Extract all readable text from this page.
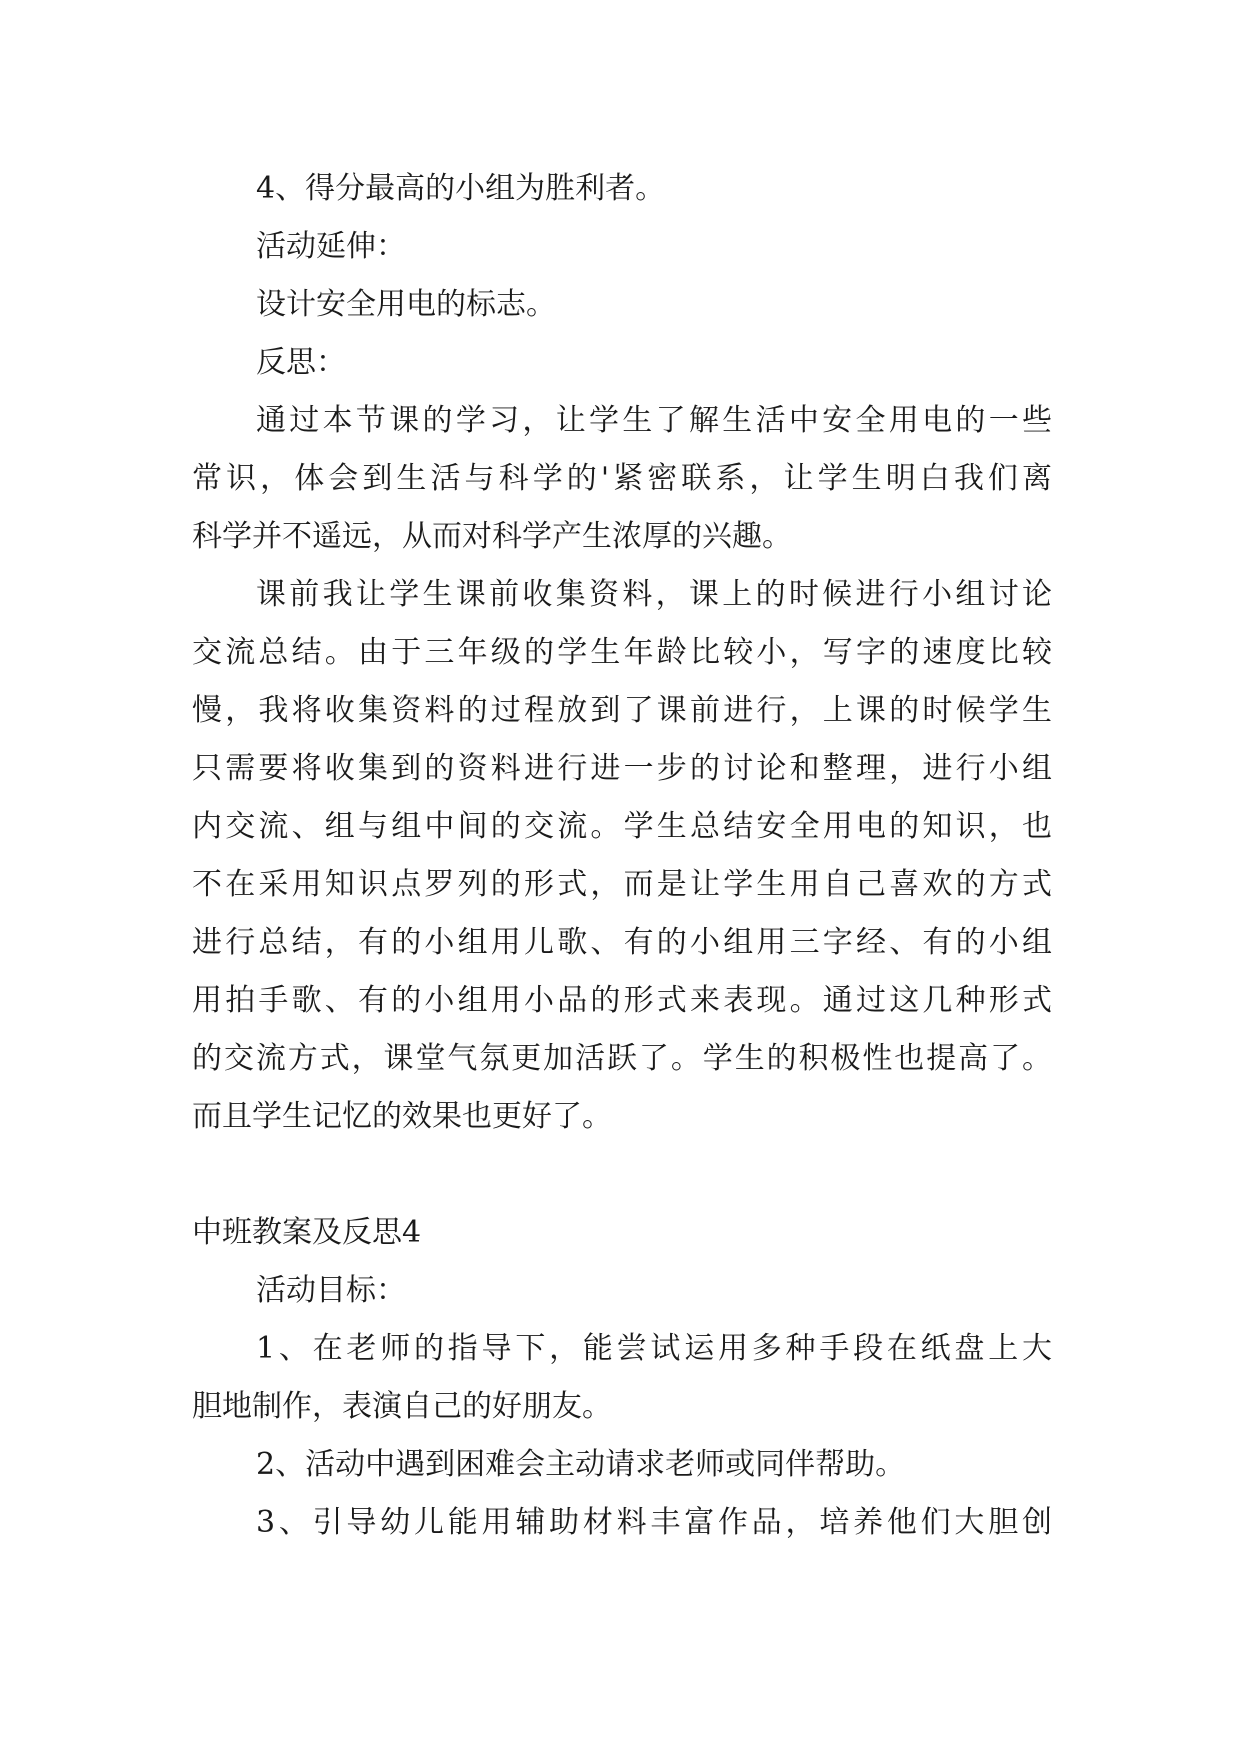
4、得分最高的小组为胜利者。

活动延伸：

设计安全用电的标志。

反思：

通过本节课的学习，让学生了解生活中安全用电的一些

常识，体会到生活与科学的'紧密联系，让学生明白我们离

科学并不遥远，从而对科学产生浓厚的兴趣。

课前我让学生课前收集资料，课上的时候进行小组讨论

交流总结。由于三年级的学生年龄比较小，写字的速度比较

慢，我将收集资料的过程放到了课前进行，上课的时候学生

只需要将收集到的资料进行进一步的讨论和整理，进行小组

内交流、组与组中间的交流。学生总结安全用电的知识，也

不在采用知识点罗列的形式，而是让学生用自己喜欢的方式

进行总结，有的小组用儿歌、有的小组用三字经、有的小组

用拍手歌、有的小组用小品的形式来表现。通过这几种形式

的交流方式，课堂气氛更加活跃了。学生的积极性也提高了。

而且学生记忆的效果也更好了。

中班教案及反思4

活动目标：

1、在老师的指导下，能尝试运用多种手段在纸盘上大

胆地制作，表演自己的好朋友。

2、活动中遇到困难会主动请求老师或同伴帮助。

3、引导幼儿能用辅助材料丰富作品，培养他们大胆创
